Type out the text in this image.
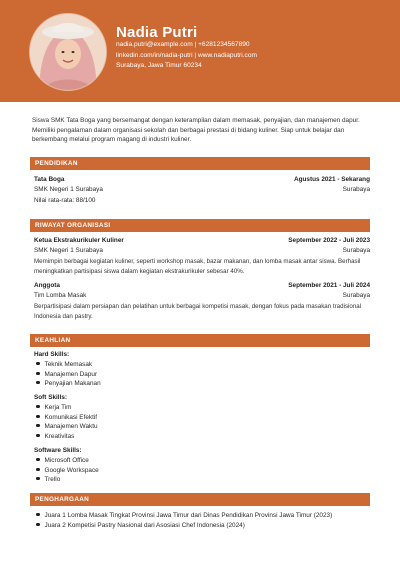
Nadia Putri
nadia.putri@example.com | +6281234567890
linkedin.com/in/nadia-putri | www.nadiaputri.com
Surabaya, Jawa Timur 60234
Siswa SMK Tata Boga yang bersemangat dengan keterampilan dalam memasak, penyajian, dan manajemen dapur. Memiliki pengalaman dalam organisasi sekolah dan berbagai prestasi di bidang kuliner. Siap untuk belajar dan berkembang melalui program magang di industri kuliner.
PENDIDIKAN
Tata Boga	Agustus 2021 - Sekarang
SMK Negeri 1 Surabaya	Surabaya
Nilai rata-rata: 88/100
RIWAYAT ORGANISASI
Ketua Ekstrakurikuler Kuliner	September 2022 - Juli 2023
SMK Negeri 1 Surabaya	Surabaya
Memimpin berbagai kegiatan kuliner, seperti workshop masak, bazar makanan, dan lomba masak antar siswa. Berhasil meningkatkan partisipasi siswa dalam kegiatan ekstrakurikuler sebesar 40%.
Anggota	September 2021 - Juli 2024
Tim Lomba Masak	Surabaya
Berpartisipasi dalam persiapan dan pelatihan untuk berbagai kompetisi masak, dengan fokus pada masakan tradisional Indonesia dan pastry.
KEAHLIAN
Hard Skills:
Teknik Memasak
Manajemen Dapur
Penyajian Makanan
Soft Skills:
Kerja Tim
Komunikasi Efektif
Manajemen Waktu
Kreativitas
Software Skills:
Microsoft Office
Google Workspace
Trello
PENGHARGAAN
Juara 1 Lomba Masak Tingkat Provinsi Jawa Timur dari Dinas Pendidikan Provinsi Jawa Timur (2023)
Juara 2 Kompetisi Pastry Nasional dari Asosiasi Chef Indonesia (2024)
